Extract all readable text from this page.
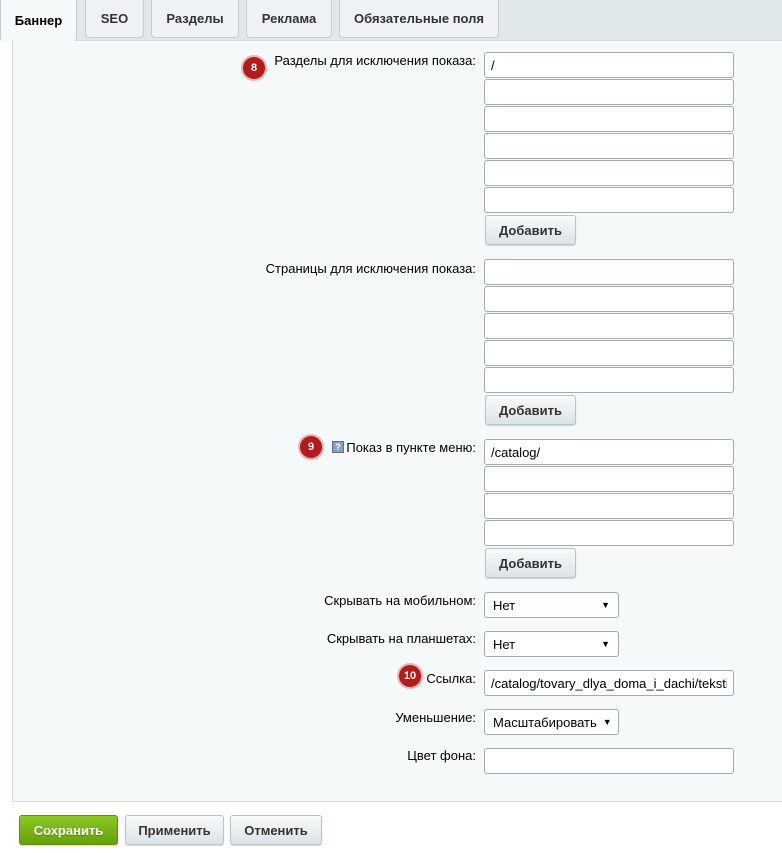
Баннер	SEO	Разделы	Реклама	Обязательные поля
8	Разделы для исключения показа:
/
Добавить
Страницы для исключения показа:
Добавить
9	? Показ в пункте меню:
/catalog/
Добавить
Скрывать на мобильном: Нет	▼
Скрывать на планшетах: Нет	▼
10 Ссылка:
/catalog/tovary_dlya_doma_i_dachi/teksti
Уменьшение: Масштабировать ▼
Цвет фона:
Сохранить	Применить	Отменить
